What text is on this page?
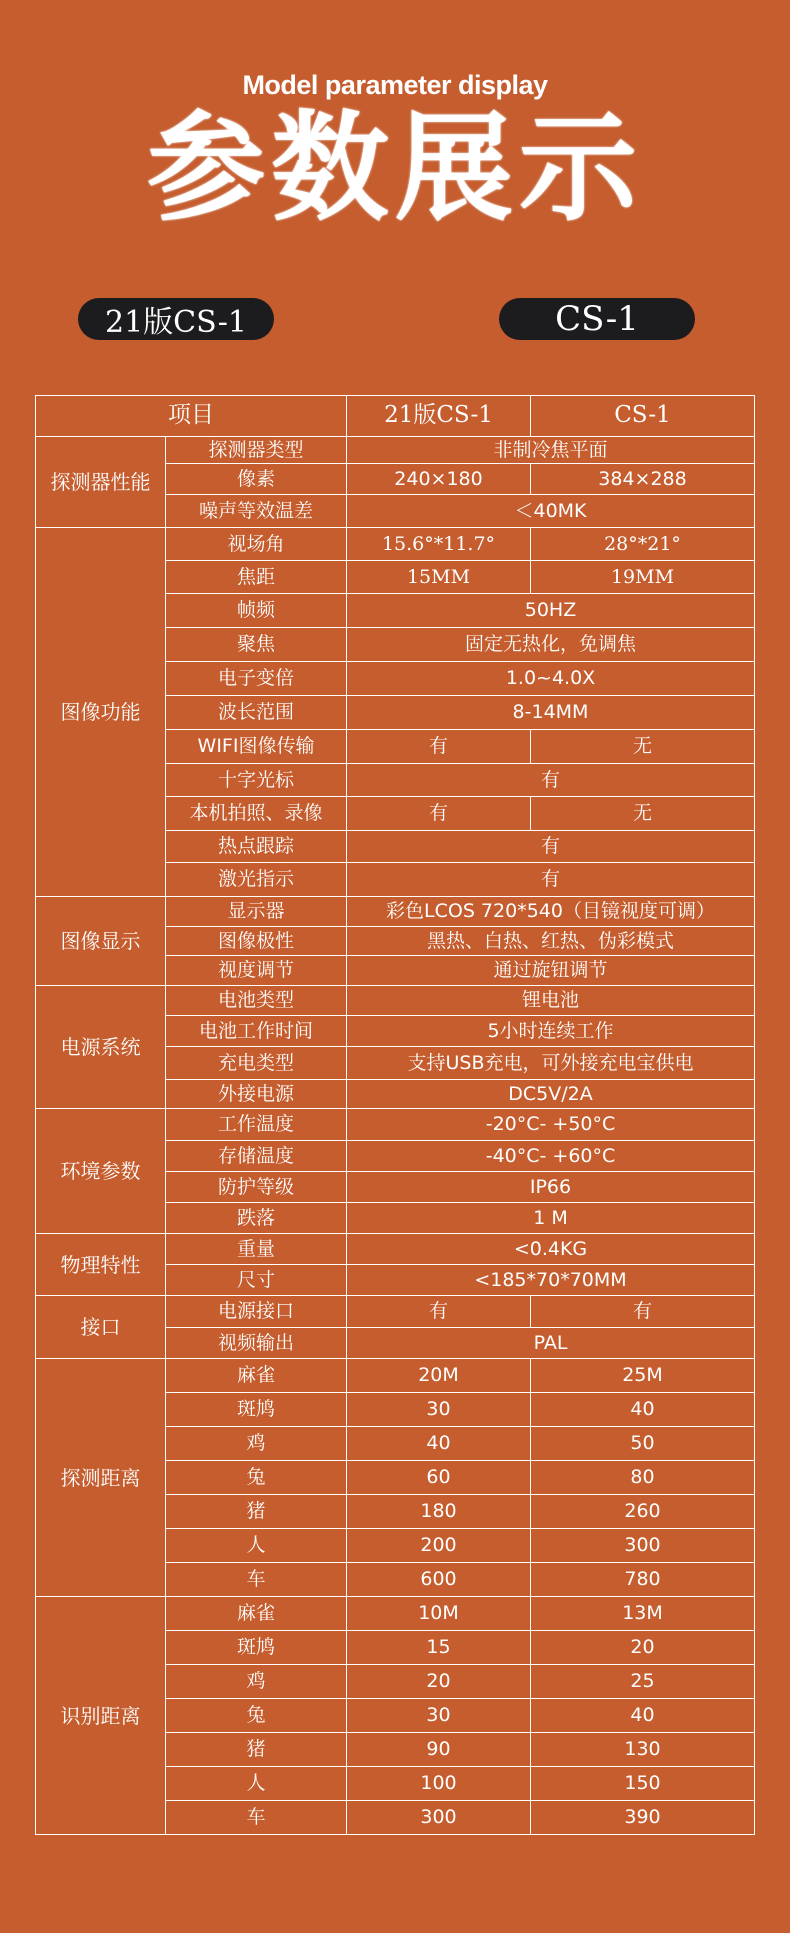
Model parameter display
参数展示
21版CS-1	CS-1
项目		21版CS-1	CS-1
探测器性能	探测器类型	非制冷焦平面	
	像素	240×180	384×288
	噪声等效温差	＜40MK	
图像功能	视场角	15.6°*11.7°	28°*21°
	焦距	15MM	19MM
	帧频	50HZ	
	聚焦	固定无热化，免调焦	
	电子变倍	1.0~4.0X	
	波长范围	8-14MM	
	WIFI图像传输	有	无
	十字光标	有	
	本机拍照、录像	有	无
	热点跟踪	有	
	激光指示	有	
图像显示	显示器	彩色LCOS 720*540（目镜视度可调）	
	图像极性	黑热、白热、红热、伪彩模式	
	视度调节	通过旋钮调节	
电源系统	电池类型	锂电池	
	电池工作时间	5小时连续工作	
	充电类型	支持USB充电，可外接充电宝供电	
	外接电源	DC5V/2A	
环境参数	工作温度	-20°C- +50°C	
	存储温度	-40°C- +60°C	
	防护等级	IP66	
	跌落	1 M	
物理特性	重量	<0.4KG	
	尺寸	<185*70*70MM	
接口	电源接口	有	有
	视频输出	PAL	
探测距离	麻雀	20M	25M
	斑鸠	30	40
	鸡	40	50
	兔	60	80
	猪	180	260
	人	200	300
	车	600	780
识别距离	麻雀	10M	13M
	斑鸠	15	20
	鸡	20	25
	兔	30	40
	猪	90	130
	人	100	150
	车	300	390
